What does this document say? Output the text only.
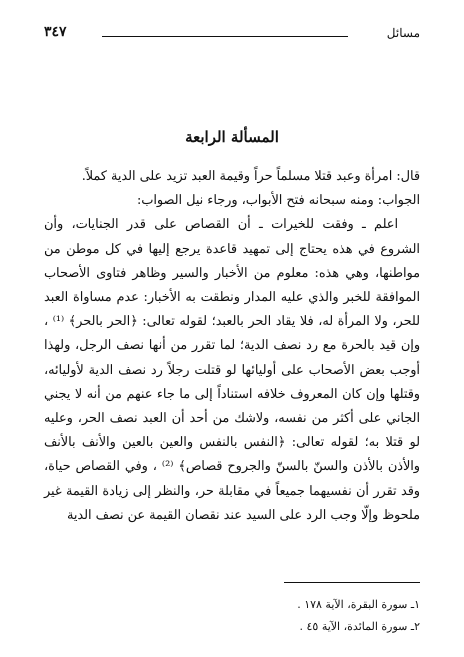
مسائل
٣٤٧
المسألة الرابعة

قال: امرأة وعبد قتلا مسلماً حراً وقيمة العبد تزيد على الدية كملاً.

الجواب: ومنه سبحانه فتح الأبواب، ورجاء نيل الصواب:

اعلم ـ وفقت للخيرات ـ أن القصاص على قدر الجنايات، وأن الشروع في هذه يحتاج إلى تمهيد قاعدة يرجع إليها في كل موطن من مواطنها، وهي هذه: معلوم من الأخبار والسير وظاهر فتاوى الأصحاب الموافقة للخبر والذي عليه المدار ونطقت به الأخبار: عدم مساواة العبد للحر، ولا المرأة له، فلا يقاد الحر بالعبد؛ لقوله تعالى: ﴿الحر بالحر﴾ ⁽¹⁾ ، وإن قيد بالحرة مع رد نصف الدية؛ لما تقرر من أنها نصف الرجل، ولهذا أوجب بعض الأصحاب على أوليائها لو قتلت رجلاً رد نصف الدية لأوليائه، وقتلها وإن كان المعروف خلافه استناداً إلى ما جاء عنهم من أنه لا يجني الجاني على أكثر من نفسه، ولاشك من أحد أن العبد نصف الحر، وعليه لو قتلا به؛ لقوله تعالى: ﴿النفس بالنفس والعين بالعين والأنف بالأنف والأذن بالأذن والسنّ بالسنّ والجروح قصاص﴾ ⁽²⁾ ، وفي القصاص حياة، وقد تقرر أن نفسيهما جميعاً في مقابلة حر، والنظر إلى زيادة القيمة غير ملحوظ وإلّا وجب الرد على السيد عند نقصان القيمة عن نصف الدية

١ـ سورة البقرة، الآية ١٧٨ .
٢ـ سورة المائدة، الآية ٤٥ .
